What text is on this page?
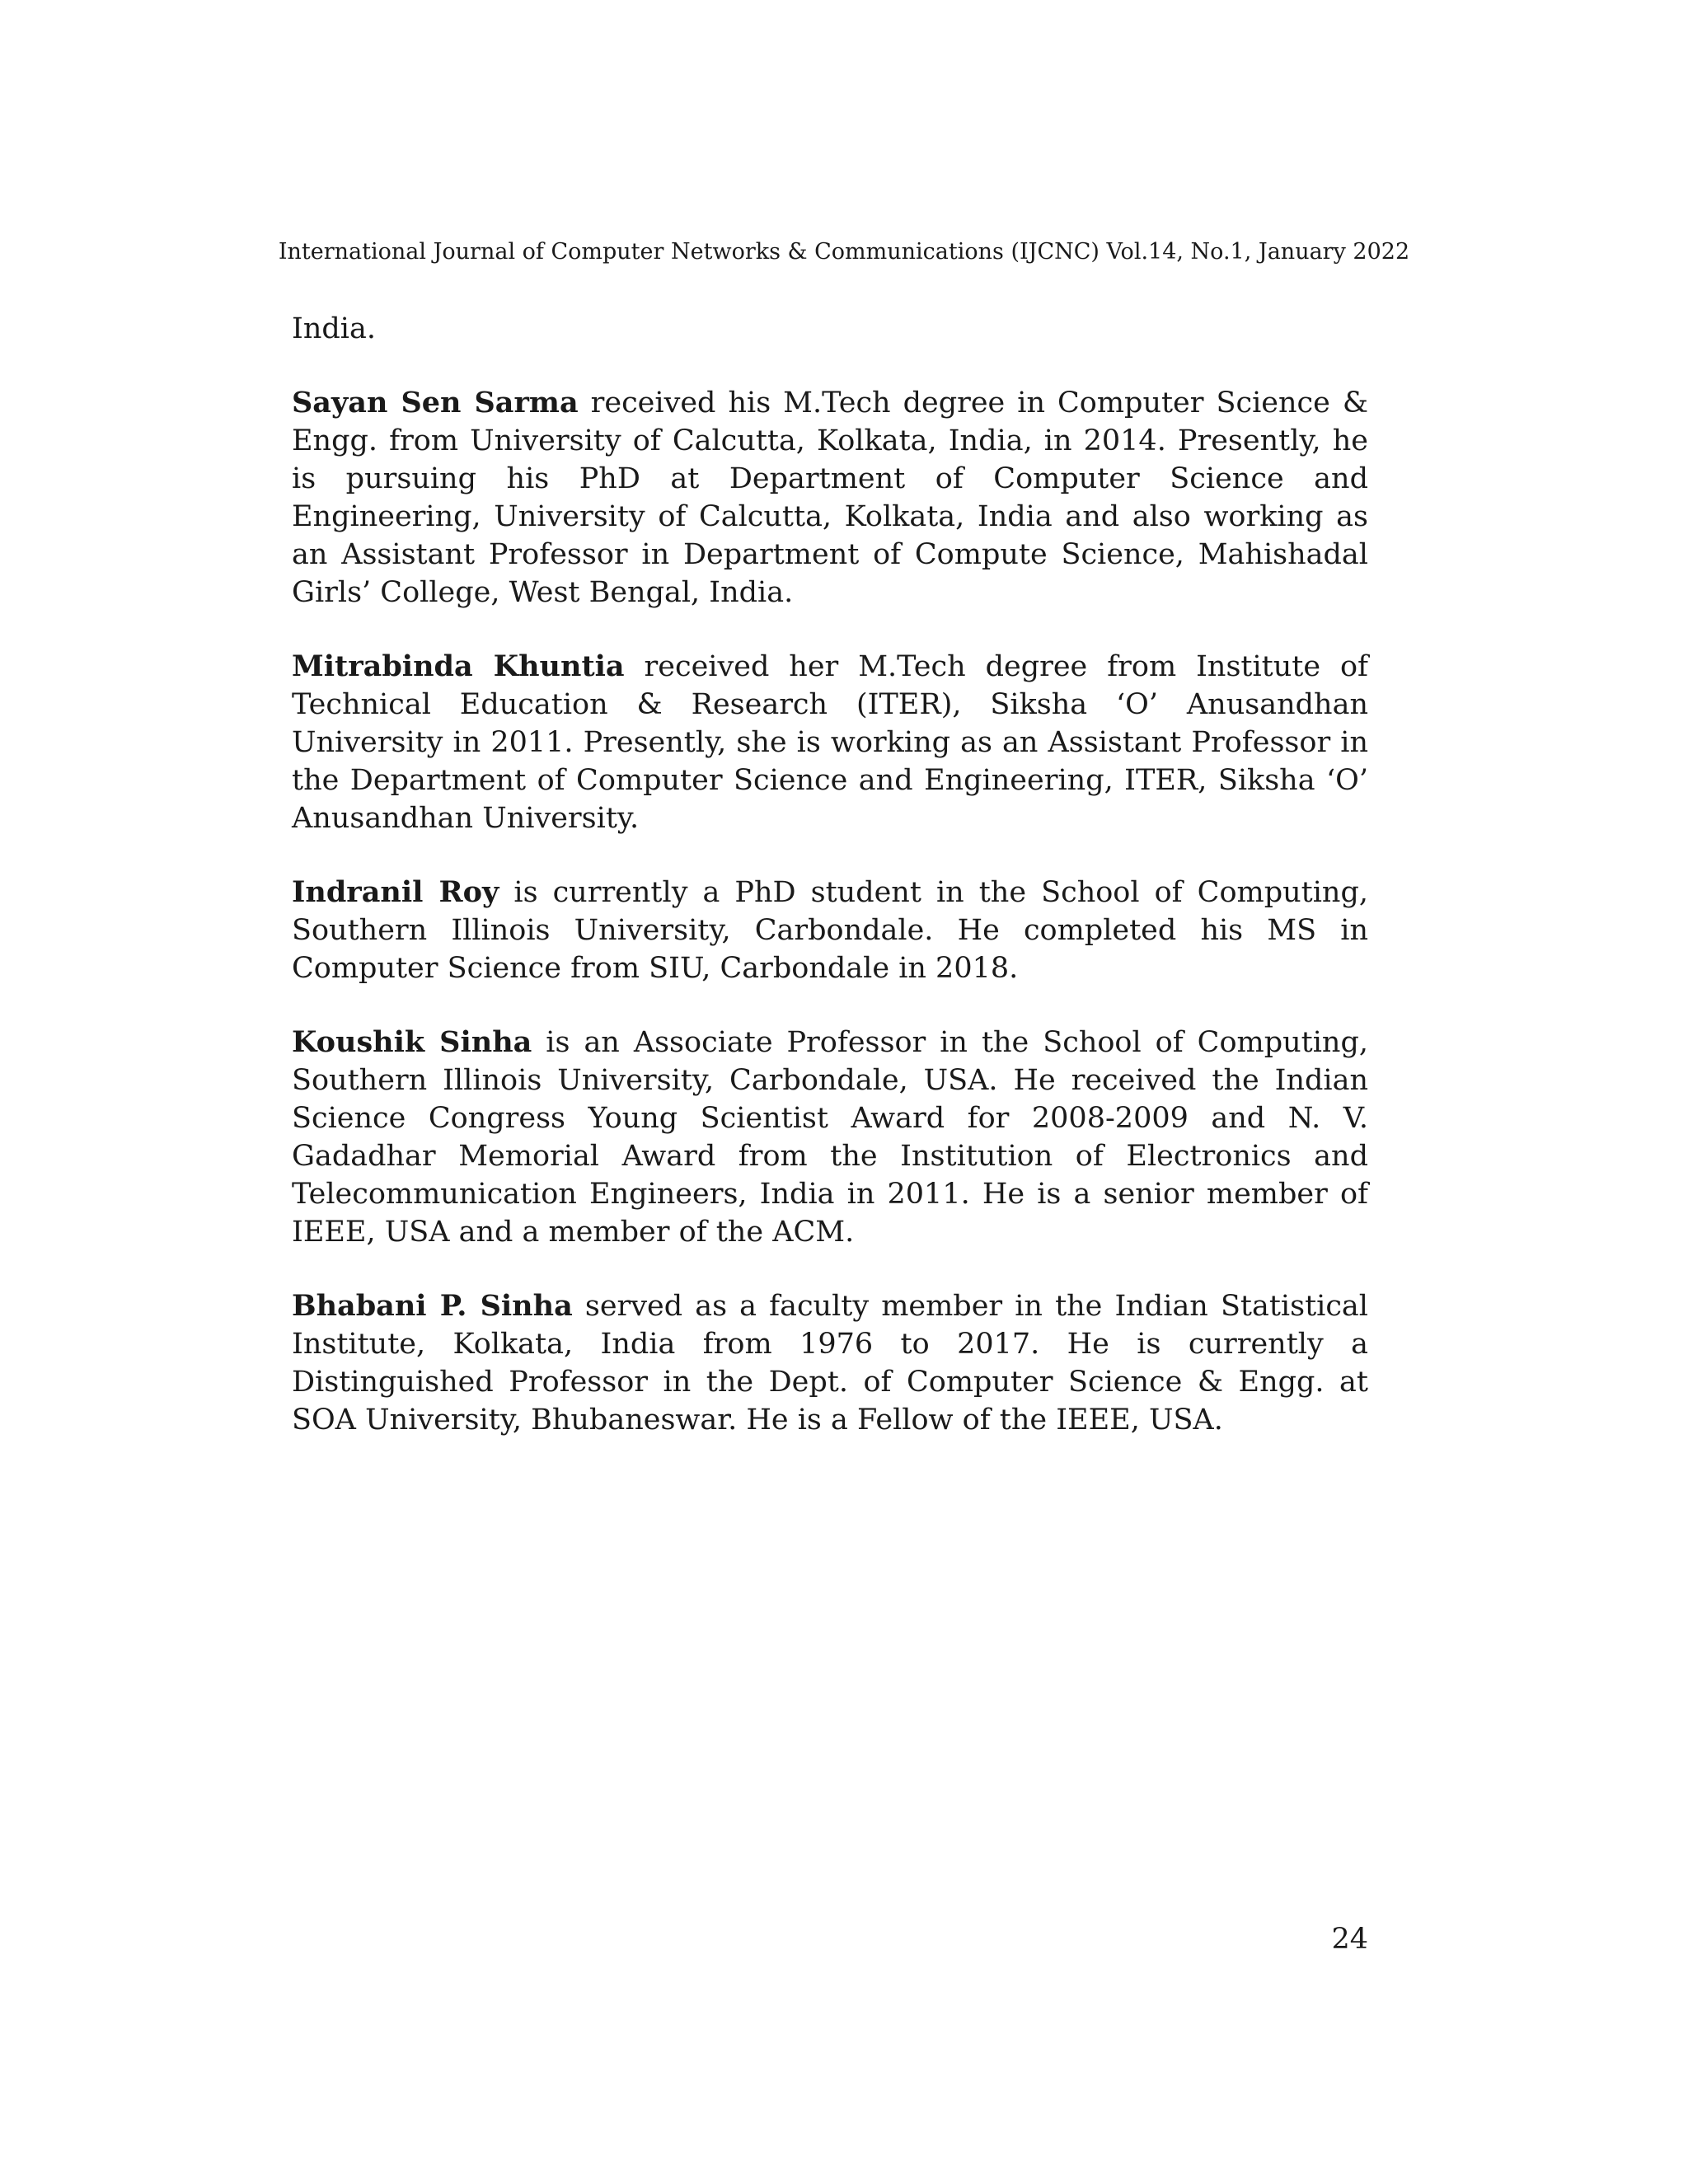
International Journal of Computer Networks & Communications (IJCNC) Vol.14, No.1, January 2022

India.

Sayan Sen Sarma received his M.Tech degree in Computer Science & Engg. from University of Calcutta, Kolkata, India, in 2014. Presently, he is pursuing his PhD at Department of Computer Science and Engineering, University of Calcutta, Kolkata, India and also working as an Assistant Professor in Department of Compute Science, Mahishadal Girls’ College, West Bengal, India.

Mitrabinda Khuntia received her M.Tech degree from Institute of Technical Education & Research (ITER), Siksha ‘O’ Anusandhan University in 2011. Presently, she is working as an Assistant Professor in the Department of Computer Science and Engineering, ITER, Siksha ‘O’ Anusandhan University.

Indranil Roy is currently a PhD student in the School of Computing, Southern Illinois University, Carbondale. He completed his MS in Computer Science from SIU, Carbondale in 2018.

Koushik Sinha is an Associate Professor in the School of Computing, Southern Illinois University, Carbondale, USA. He received the Indian Science Congress Young Scientist Award for 2008-2009 and N. V. Gadadhar Memorial Award from the Institution of Electronics and Telecommunication Engineers, India in 2011. He is a senior member of IEEE, USA and a member of the ACM.

Bhabani P. Sinha served as a faculty member in the Indian Statistical Institute, Kolkata, India from 1976 to 2017. He is currently a Distinguished Professor in the Dept. of Computer Science & Engg. at SOA University, Bhubaneswar. He is a Fellow of the IEEE, USA.

24
